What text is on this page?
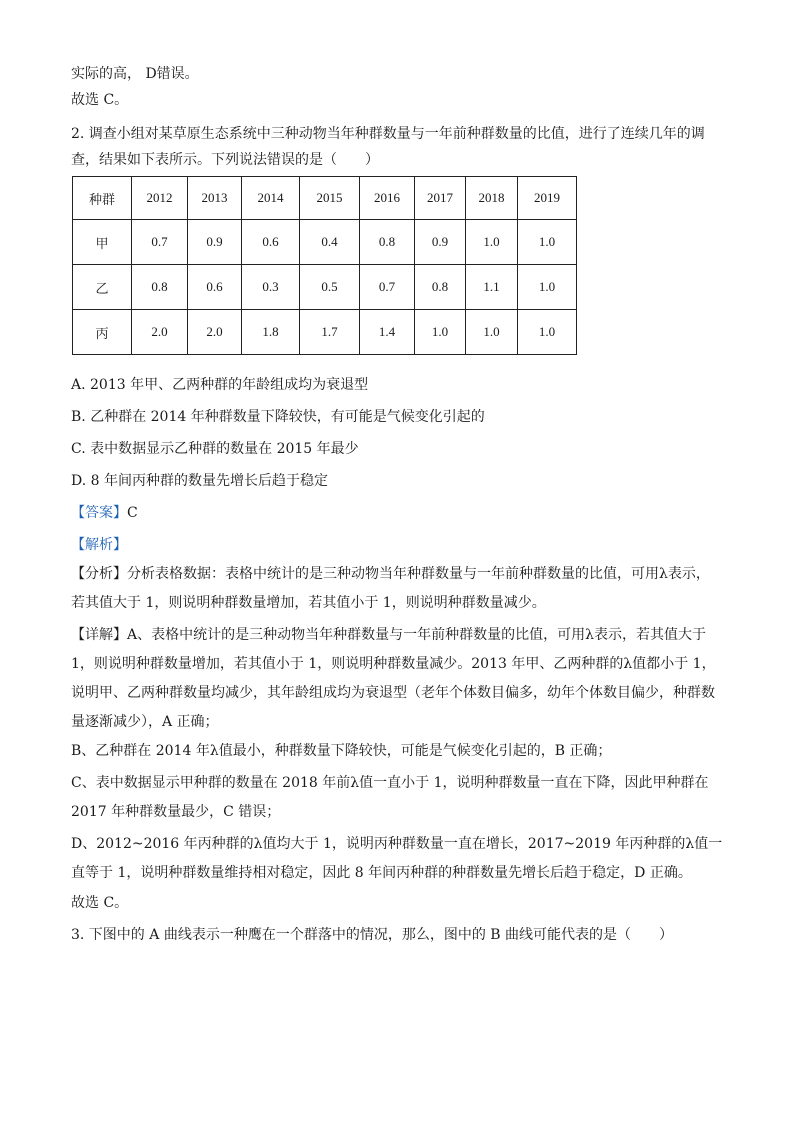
实际的高， D错误。

故选 C。

2. 调查小组对某草原生态系统中三种动物当年种群数量与一年前种群数量的比值，进行了连续几年的调

查，结果如下表所示。下列说法错误的是（　　）

种群	2012	2013	2014	2015	2016	2017	2018	2019
甲	0.7	0.9	0.6	0.4	0.8	0.9	1.0	1.0
乙	0.8	0.6	0.3	0.5	0.7	0.8	1.1	1.0
丙	2.0	2.0	1.8	1.7	1.4	1.0	1.0	1.0

A. 2013 年甲、乙两种群的年龄组成均为衰退型

B. 乙种群在 2014 年种群数量下降较快，有可能是气候变化引起的

C. 表中数据显示乙种群的数量在 2015 年最少

D. 8 年间丙种群的数量先增长后趋于稳定

【答案】C

【解析】

【分析】分析表格数据：表格中统计的是三种动物当年种群数量与一年前种群数量的比值，可用λ表示，若其值大于 1，则说明种群数量增加，若其值小于 1，则说明种群数量减少。

【详解】A、表格中统计的是三种动物当年种群数量与一年前种群数量的比值，可用λ表示，若其值大于 1，则说明种群数量增加，若其值小于 1，则说明种群数量减少。2013 年甲、乙两种群的λ值都小于 1，说明甲、乙两种群数量均减少，其年龄组成均为衰退型（老年个体数目偏多，幼年个体数目偏少，种群数量逐渐减少），A 正确；

B、乙种群在 2014 年λ值最小，种群数量下降较快，可能是气候变化引起的，B 正确；

C、表中数据显示甲种群的数量在 2018 年前λ值一直小于 1，说明种群数量一直在下降，因此甲种群在 2017 年种群数量最少，C 错误；

D、2012~2016 年丙种群的λ值均大于 1，说明丙种群数量一直在增长，2017~2019 年丙种群的λ值一直等于 1，说明种群数量维持相对稳定，因此 8 年间丙种群的种群数量先增长后趋于稳定，D 正确。

故选 C。

3. 下图中的 A 曲线表示一种鹰在一个群落中的情况，那么，图中的 B 曲线可能代表的是（　　）
